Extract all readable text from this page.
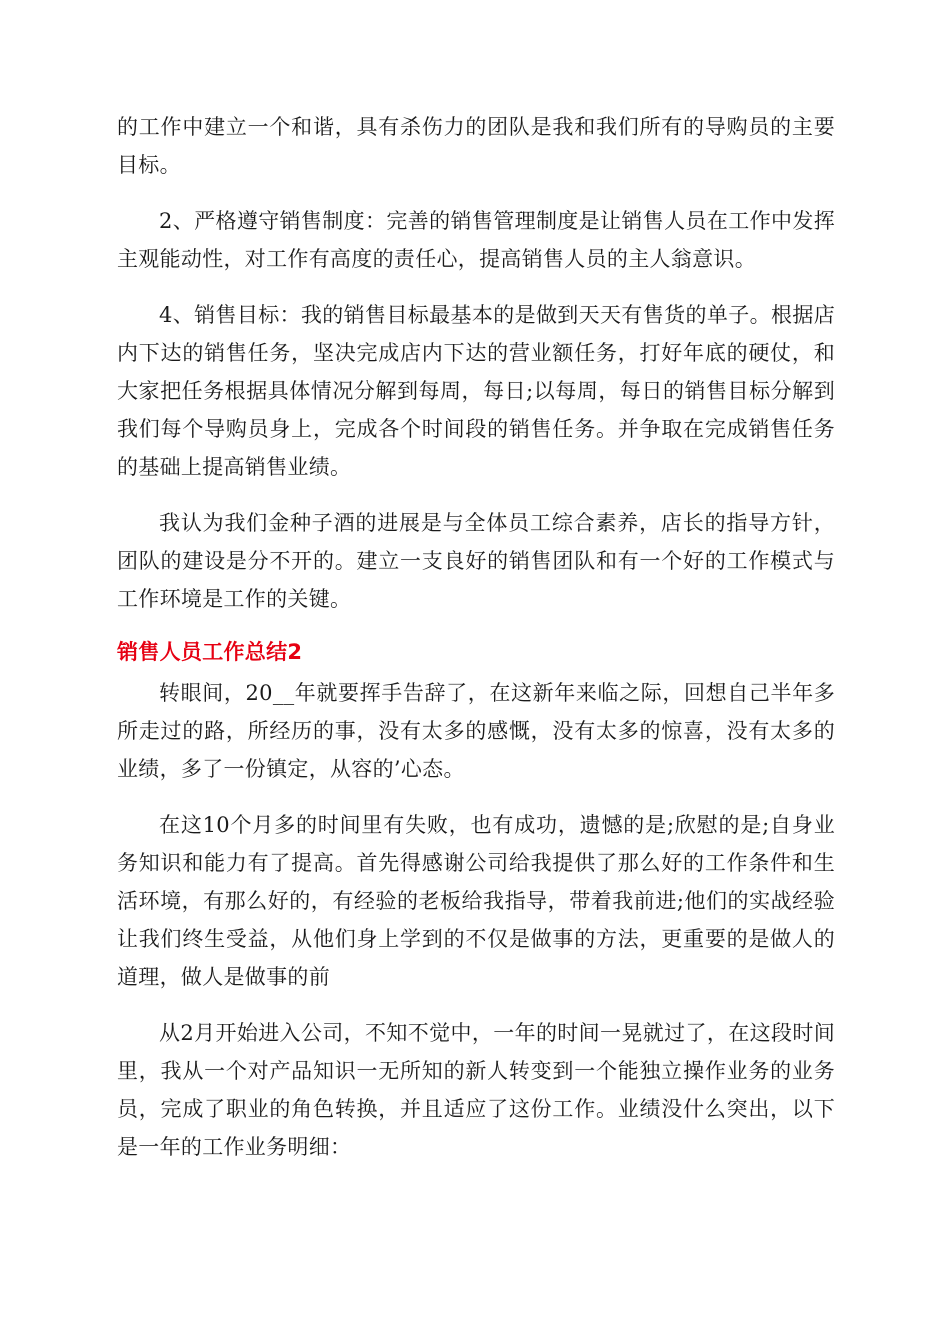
的工作中建立一个和谐，具有杀伤力的团队是我和我们所有的导购员的主要目标。

2、严格遵守销售制度：完善的销售管理制度是让销售人员在工作中发挥主观能动性，对工作有高度的责任心，提高销售人员的主人翁意识。

4、销售目标：我的销售目标最基本的是做到天天有售货的单子。根据店内下达的销售任务，坚决完成店内下达的营业额任务，打好年底的硬仗，和大家把任务根据具体情况分解到每周，每日;以每周，每日的销售目标分解到我们每个导购员身上，完成各个时间段的销售任务。并争取在完成销售任务的基础上提高销售业绩。

我认为我们金种子酒的进展是与全体员工综合素养，店长的指导方针，团队的建设是分不开的。建立一支良好的销售团队和有一个好的工作模式与工作环境是工作的关键。

销售人员工作总结2

转眼间，20__年就要挥手告辞了，在这新年来临之际，回想自己半年多所走过的路，所经历的事，没有太多的感慨，没有太多的惊喜，没有太多的业绩，多了一份镇定，从容的’心态。

在这10个月多的时间里有失败，也有成功，遗憾的是;欣慰的是;自身业务知识和能力有了提高。首先得感谢公司给我提供了那么好的工作条件和生活环境，有那么好的，有经验的老板给我指导，带着我前进;他们的实战经验让我们终生受益，从他们身上学到的不仅是做事的方法，更重要的是做人的道理，做人是做事的前

从2月开始进入公司，不知不觉中，一年的时间一晃就过了，在这段时间里，我从一个对产品知识一无所知的新人转变到一个能独立操作业务的业务员，完成了职业的角色转换，并且适应了这份工作。业绩没什么突出，以下是一年的工作业务明细：
